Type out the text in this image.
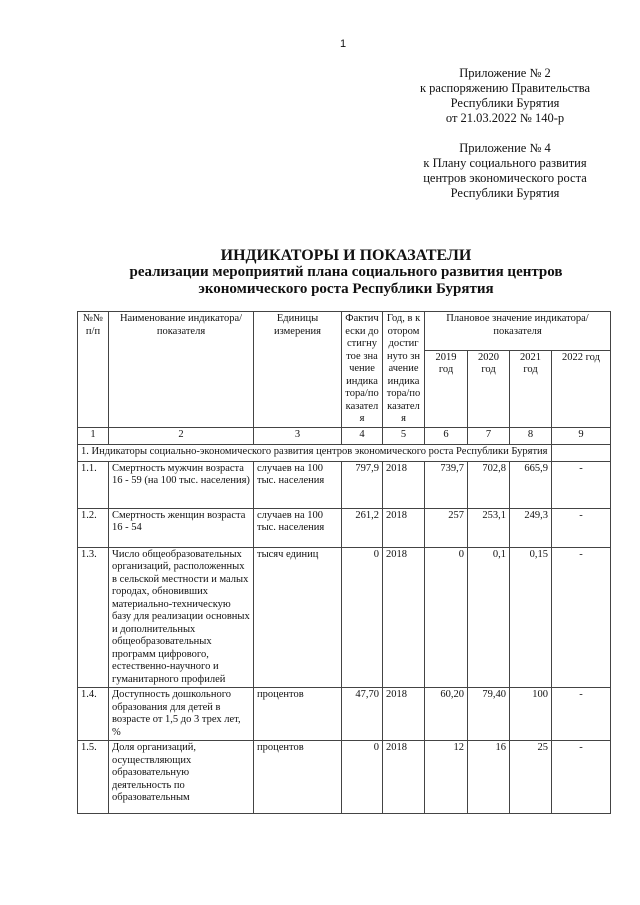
1
Приложение № 2
к распоряжению Правительства
Республики Бурятия
от 21.03.2022 № 140-р
Приложение № 4
к Плану социального развития
центров экономического роста
Республики Бурятия
ИНДИКАТОРЫ И ПОКАЗАТЕЛИ
реализации мероприятий плана социального развития центров
экономического роста Республики Бурятия
№№ п/п	Наименование индикатора/показателя	Единицы измерения	Фактически достигнутое значение индикатора/показателя	Год, в котором достигнуто значение индикатора/показателя	Плановое значение индикатора/показателя			
					2019 год	2020 год	2021 год	2022 год
1	2	3	4	5	6	7	8	9
1. Индикаторы социально-экономического развития центров экономического роста Республики Бурятия								
1.1.	Смертность мужчин возраста 16 - 59 (на 100 тыс. населения)	случаев на 100 тыс. населения	797,9	2018	739,7	702,8	665,9	-
1.2.	Смертность женщин возраста 16 - 54	случаев на 100 тыс. населения	261,2	2018	257	253,1	249,3	-
1.3.	Число общеобразовательных организаций, расположенных в сельской местности и малых городах, обновивших материально-техническую базу для реализации основных и дополнительных общеобразовательных программ цифрового, естественно-научного и гуманитарного профилей	тысяч единиц	0	2018	0	0,1	0,15	-
1.4.	Доступность дошкольного образования для детей в возрасте от 1,5 до 3 трех лет, %	процентов	47,70	2018	60,20	79,40	100	-
1.5.	Доля организаций, осуществляющих образовательную деятельность по образовательным	процентов	0	2018	12	16	25	-
